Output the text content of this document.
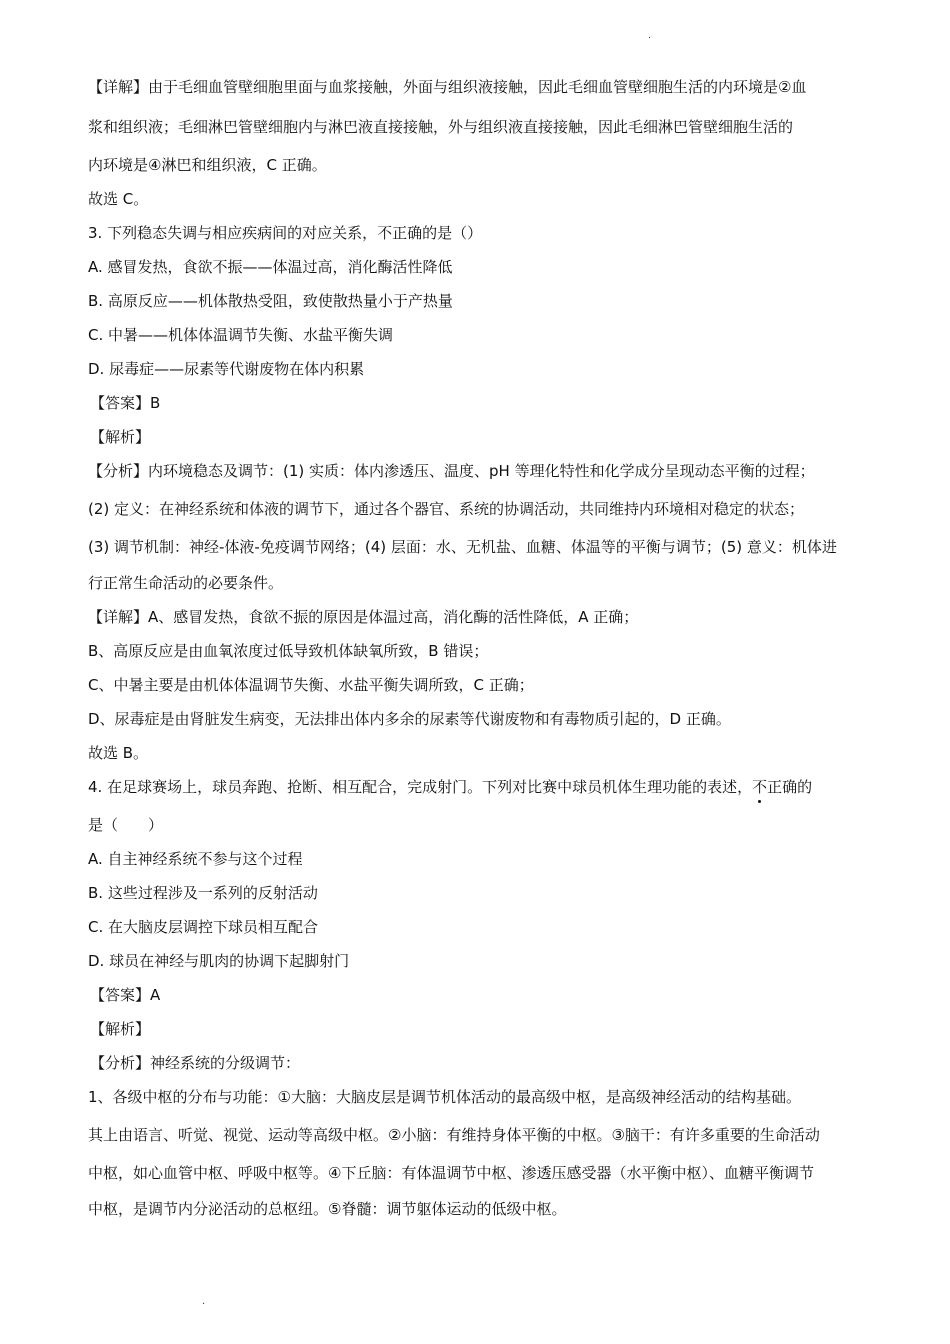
.
【详解】由于毛细血管壁细胞里面与血浆接触，外面与组织液接触，因此毛细血管壁细胞生活的内环境是②血
浆和组织液；毛细淋巴管壁细胞内与淋巴液直接接触，外与组织液直接接触，因此毛细淋巴管壁细胞生活的
内环境是④淋巴和组织液，C 正确。
故选 C。
3. 下列稳态失调与相应疾病间的对应关系，不正确的是（）
A. 感冒发热，食欲不振——体温过高，消化酶活性降低
B. 高原反应——机体散热受阻，致使散热量小于产热量
C. 中暑——机体体温调节失衡、水盐平衡失调
D. 尿毒症——尿素等代谢废物在体内积累
【答案】B
【解析】
【分析】内环境稳态及调节：(1) 实质：体内渗透压、温度、pH 等理化特性和化学成分呈现动态平衡的过程；
(2) 定义：在神经系统和体液的调节下，通过各个器官、系统的协调活动，共同维持内环境相对稳定的状态；
(3) 调节机制：神经-体液-免疫调节网络；(4) 层面：水、无机盐、血糖、体温等的平衡与调节；(5) 意义：机体进
行正常生命活动的必要条件。
【详解】A、感冒发热，食欲不振的原因是体温过高，消化酶的活性降低，A 正确；
B、高原反应是由血氧浓度过低导致机体缺氧所致，B 错误；
C、中暑主要是由机体体温调节失衡、水盐平衡失调所致，C 正确；
D、尿毒症是由肾脏发生病变，无法排出体内多余的尿素等代谢废物和有毒物质引起的，D 正确。
故选 B。
4. 在足球赛场上，球员奔跑、抢断、相互配合，完成射门。下列对比赛中球员机体生理功能的表述，不正确的
是（　　）
A. 自主神经系统不参与这个过程
B. 这些过程涉及一系列的反射活动
C. 在大脑皮层调控下球员相互配合
D. 球员在神经与肌肉的协调下起脚射门
【答案】A
【解析】
【分析】神经系统的分级调节：
1、各级中枢的分布与功能：①大脑：大脑皮层是调节机体活动的最高级中枢，是高级神经活动的结构基础。
其上由语言、听觉、视觉、运动等高级中枢。②小脑：有维持身体平衡的中枢。③脑干：有许多重要的生命活动
中枢，如心血管中枢、呼吸中枢等。④下丘脑：有体温调节中枢、渗透压感受器（水平衡中枢）、血糖平衡调节
中枢，是调节内分泌活动的总枢纽。⑤脊髓：调节躯体运动的低级中枢。
.
